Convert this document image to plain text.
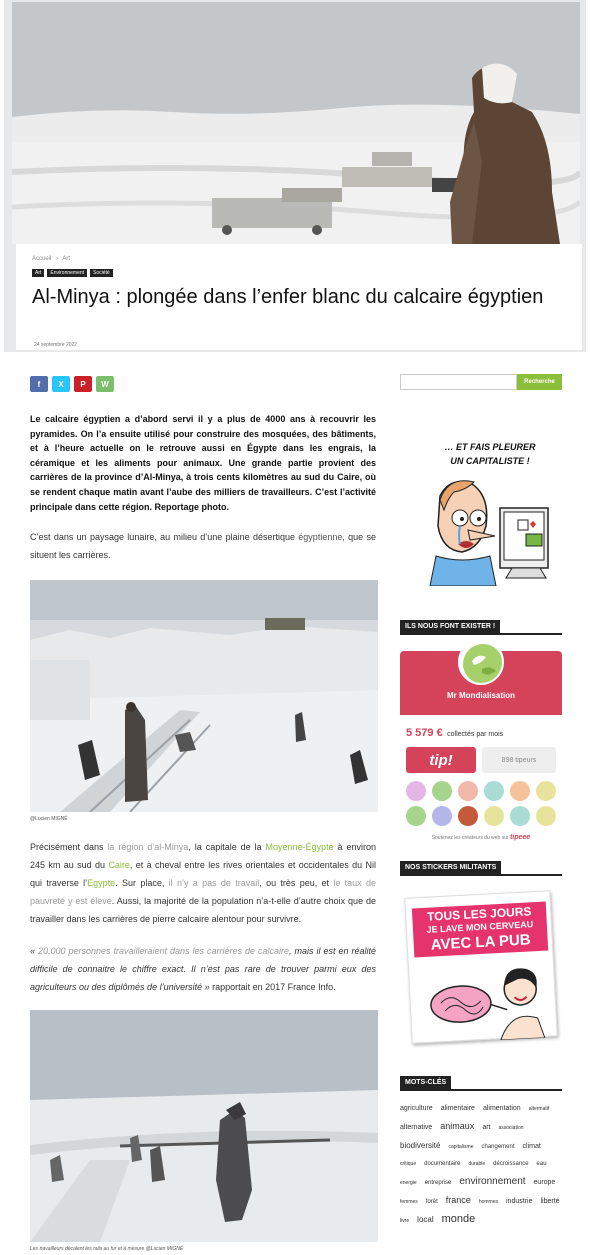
Accueil › Art
Art	Environnement	Société
Al-Minya : plongée dans l’enfer blanc du calcaire égyptien
24 septembre 2022
f X P W

Le calcaire égyptien a d’abord servi il y a plus de 4000 ans à recouvrir les pyramides. On l’a ensuite utilisé pour construire des mosquées, des bâtiments, et à l’heure actuelle on le retrouve aussi en Égypte dans les engrais, la céramique et les aliments pour animaux. Une grande partie provient des carrières de la province d’Al-Minya, à trois cents kilomètres au sud du Caire, où se rendent chaque matin avant l’aube des milliers de travailleurs. C’est l’activité principale dans cette région. Reportage photo.

C’est dans un paysage lunaire, au milieu d’une plaine désertique égyptienne, que se situent les carrières.

@Lucien MIGNÉ

Précisément dans la région d’al-Minya, la capitale de la Moyenne-Égypte à environ 245 km au sud du Caire, et à cheval entre les rives orientales et occidentales du Nil qui traverse l’Egypte. Sur place, il n’y a pas de travail, ou très peu, et le taux de pauvreté y est élevé. Aussi, la majorité de la population n’a-t-elle d’autre choix que de travailler dans les carrières de pierre calcaire alentour pour survivre.

« 20.000 personnes travailleraient dans les carrières de calcaire, mais il est en réalité difficile de connaitre le chiffre exact. Il n’est pas rare de trouver parmi eux des agriculteurs ou des diplômés de l’université » rapportait en 2017 France Info.

Les travailleurs décalent les rails au fur et à mesure @Lucien MIGNÉ
Recherche
… ET FAIS PLEURER
UN CAPITALISTE !
ILS NOUS FONT EXISTER !
Mr Mondialisation
5 579 € collectés par mois
tip!	898 tipeurs
Soutenez les créateurs du web sur tipeee
NOS STICKERS MILITANTS
TOUS LES JOURS
JE LAVE MON CERVEAU
AVEC LA PUB
MOTS-CLÉS
agriculture alimentaire alimentation altermatif
alternative animaux art association
biodiversité capitalisme changement climat
critique documentaire durable décroissance eau
energie entreprise environnement europe
femmes forêt france hommes industrie liberté
livre local monde
